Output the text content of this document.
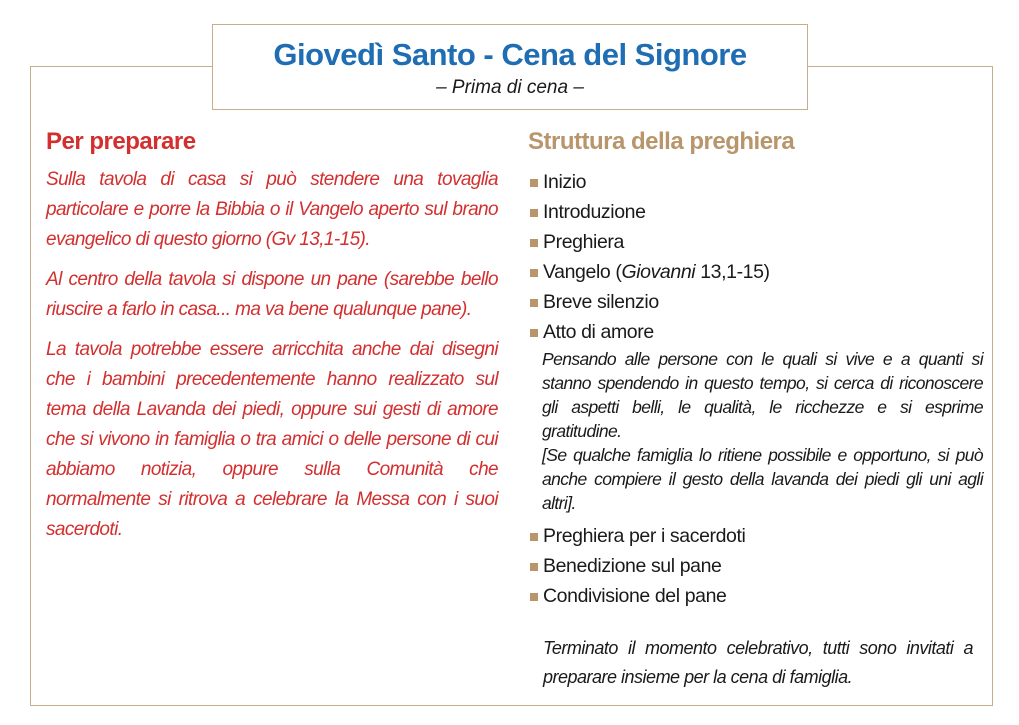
Giovedì Santo - Cena del Signore
– Prima di cena –
Per preparare

Sulla tavola di casa si può stendere una tovaglia particolare e porre la Bibbia o il Vangelo aperto sul brano evangelico di questo giorno (Gv 13,1-15).

Al centro della tavola si dispone un pane (sarebbe bello riuscire a farlo in casa... ma va bene qualunque pane).

La tavola potrebbe essere arricchita anche dai disegni che i bambini precedentemente hanno realizzato sul tema della Lavanda dei piedi, oppure sui gesti di amore che si vivono in famiglia o tra amici o delle persone di cui abbiamo notizia, oppure sulla Comunità che normalmente si ritrova a celebrare la Messa con i suoi sacerdoti.

Struttura della preghiera
Inizio
Introduzione
Preghiera
Vangelo (Giovanni 13,1-15)
Breve silenzio
Atto di amore

Pensando alle persone con le quali si vive e a quanti si stanno spendendo in questo tempo, si cerca di riconoscere gli aspetti belli, le qualità, le ricchezze e si esprime gratitudine.

[Se qualche famiglia lo ritiene possibile e opportuno, si può anche compiere il gesto della lavanda dei piedi gli uni agli altri].

Preghiera per i sacerdoti
Benedizione sul pane
Condivisione del pane

Terminato il momento celebrativo, tutti sono invitati a preparare insieme per la cena di famiglia.
